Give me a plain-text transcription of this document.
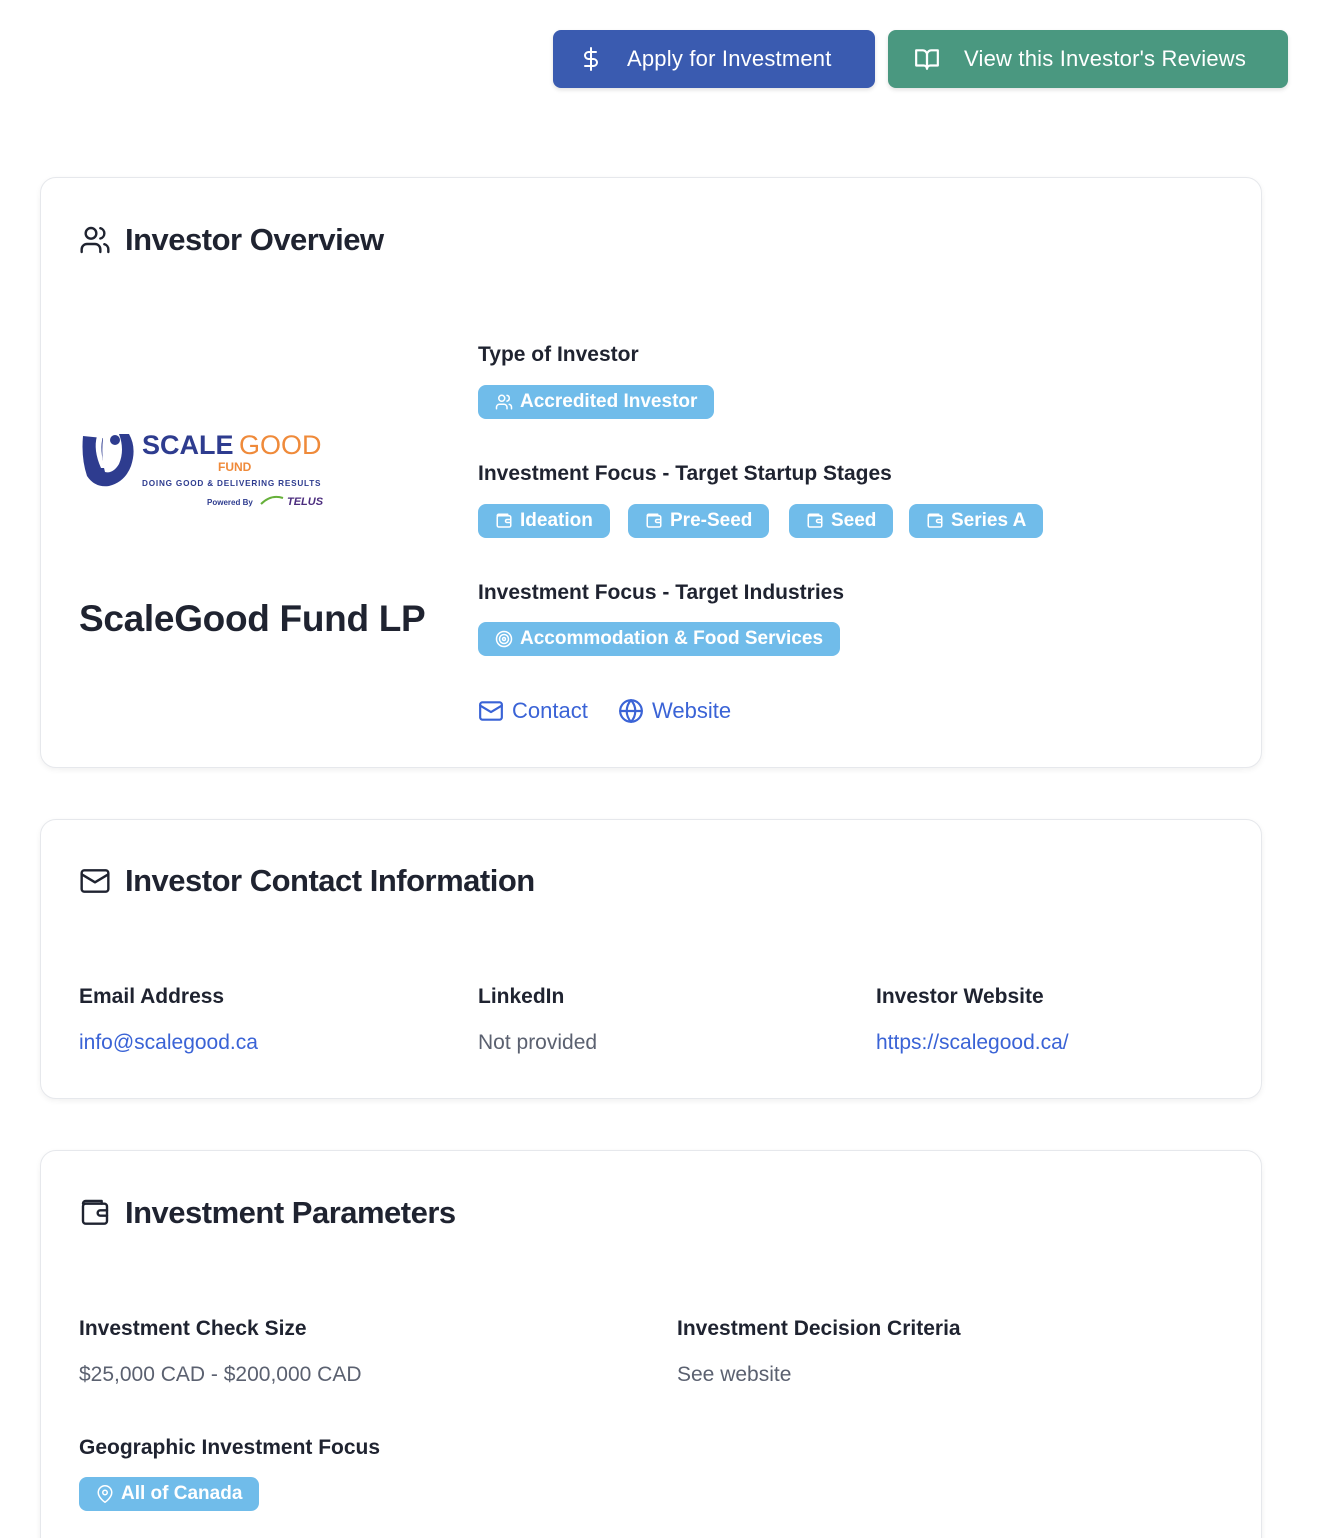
Apply for Investment	View this Investor's Reviews
Investor Overview
SCALE GOOD
FUND
DOING GOOD & DELIVERING RESULTS
Powered By	TELUS
ScaleGood Fund LP
Type of Investor
Accredited Investor
Investment Focus - Target Startup Stages
Ideation	Pre-Seed	Seed	Series A
Investment Focus - Target Industries
Accommodation & Food Services
Contact	Website
Investor Contact Information
Email Address
info@scalegood.ca
LinkedIn
Not provided
Investor Website
https://scalegood.ca/
Investment Parameters
Investment Check Size
$25,000 CAD - $200,000 CAD
Investment Decision Criteria
See website
Geographic Investment Focus
All of Canada
